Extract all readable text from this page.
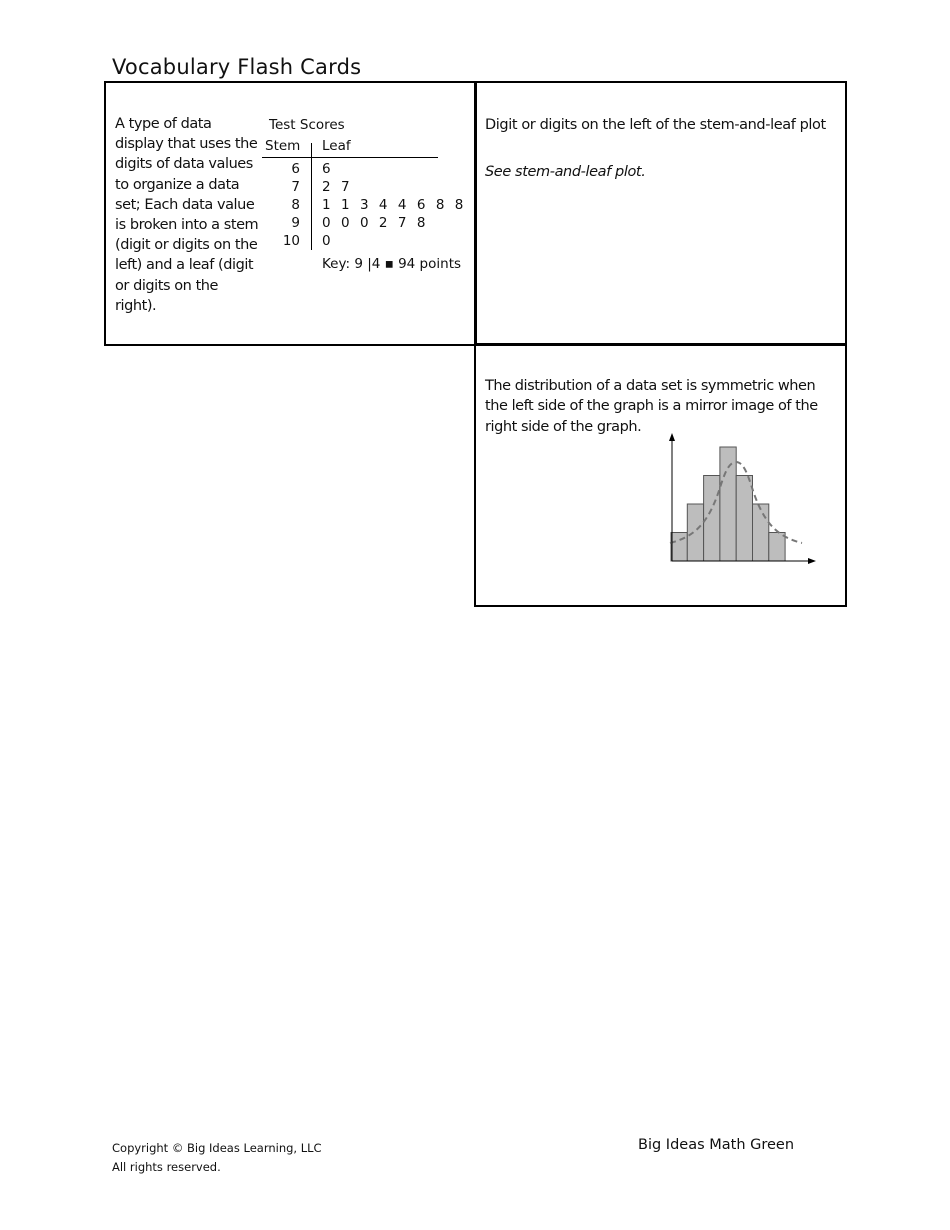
Vocabulary Flash Cards
A type of data display that uses the digits of data values to organize a data set; Each data value is broken into a stem (digit or digits on the left) and a leaf (digit or digits on the right).
Test Scores
Stem Leaf
6 6
7 2  7
8 1  1  3  4  4  6  8  8
9 0  0  0  2  7  8
10 0
Key: 9 |4 ▪ 94 points
Digit or digits on the left of the stem-and-leaf plot
See stem-and-leaf plot.
The distribution of a data set is symmetric when the left side of the graph is a mirror image of the right side of the graph.
Copyright © Big Ideas Learning, LLC
All rights reserved.
Big Ideas Math Green
